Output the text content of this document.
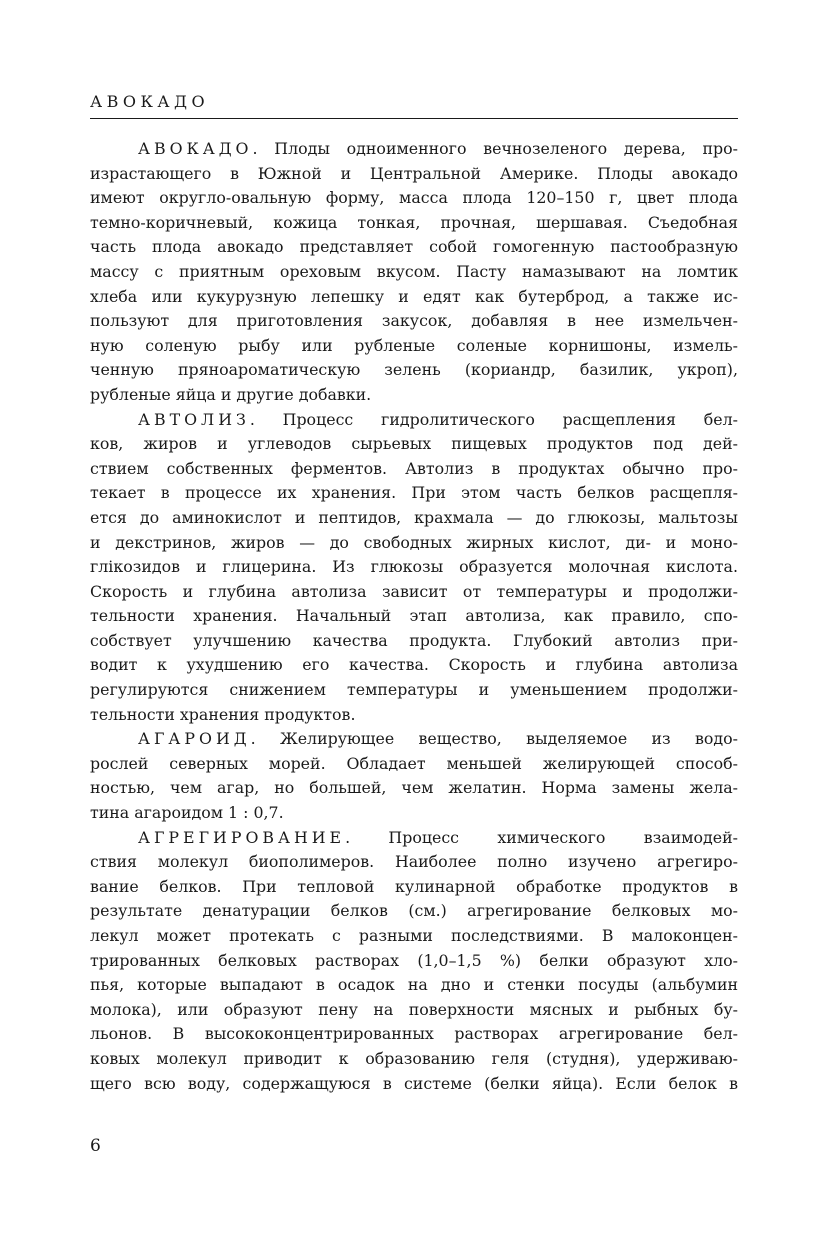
АВОКАДО
АВОКАДО. Плоды одноименного вечнозеленого дерева, про-
израстающего в Южной и Центральной Америке. Плоды авокадо
имеют округло-овальную форму, масса плода 120–150 г, цвет плода
темно-коричневый, кожица тонкая, прочная, шершавая. Съедобная
часть плода авокадо представляет собой гомогенную пастообразную
массу с приятным ореховым вкусом. Пасту намазывают на ломтик
хлеба или кукурузную лепешку и едят как бутерброд, а также ис-
пользуют для приготовления закусок, добавляя в нее измельчен-
ную соленую рыбу или рубленые соленые корнишоны, измель-
ченную пряноароматическую зелень (кориандр, базилик, укроп),
рубленые яйца и другие добавки.
АВТОЛИЗ. Процесс гидролитического расщепления бел-
ков, жиров и углеводов сырьевых пищевых продуктов под дей-
ствием собственных ферментов. Автолиз в продуктах обычно про-
текает в процессе их хранения. При этом часть белков расщепля-
ется до аминокислот и пептидов, крахмала — до глюкозы, мальтозы
и декстринов, жиров — до свободных жирных кислот, ди- и моно-
глікозидов и глицерина. Из глюкозы образуется молочная кислота.
Скорость и глубина автолиза зависит от температуры и продолжи-
тельности хранения. Начальный этап автолиза, как правило, спо-
собствует улучшению качества продукта. Глубокий автолиз при-
водит к ухудшению его качества. Скорость и глубина автолиза
регулируются снижением температуры и уменьшением продолжи-
тельности хранения продуктов.
АГАРОИД. Желирующее вещество, выделяемое из водо-
рослей северных морей. Обладает меньшей желирующей способ-
ностью, чем агар, но большей, чем желатин. Норма замены жела-
тина агароидом 1 : 0,7.
АГРЕГИРОВАНИЕ. Процесс химического взаимодей-
ствия молекул биополимеров. Наиболее полно изучено агрегиро-
вание белков. При тепловой кулинарной обработке продуктов в
результате денатурации белков (см.) агрегирование белковых мо-
лекул может протекать с разными последствиями. В малоконцен-
трированных белковых растворах (1,0–1,5 %) белки образуют хло-
пья, которые выпадают в осадок на дно и стенки посуды (альбумин
молока), или образуют пену на поверхности мясных и рыбных бу-
льонов. В высококонцентрированных растворах агрегирование бел-
ковых молекул приводит к образованию геля (студня), удерживаю-
щего всю воду, содержащуюся в системе (белки яйца). Если белок в
6
